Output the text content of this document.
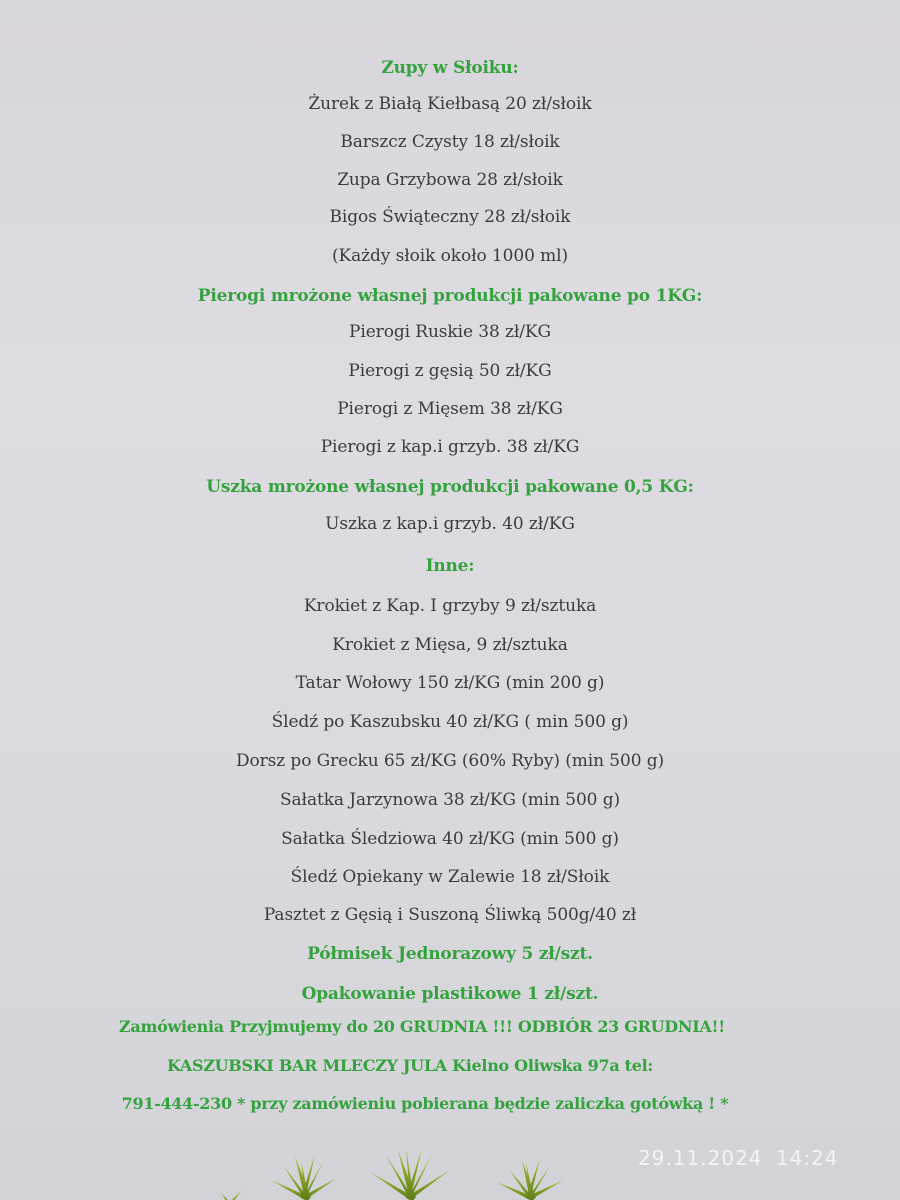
Zupy w Słoiku:
Żurek z Białą Kiełbasą 20 zł/słoik
Barszcz Czysty 18 zł/słoik
Zupa Grzybowa 28 zł/słoik
Bigos Świąteczny 28 zł/słoik
(Każdy słoik około 1000 ml)
Pierogi mrożone własnej produkcji pakowane po 1KG:
Pierogi Ruskie 38 zł/KG
Pierogi z gęsią 50 zł/KG
Pierogi z Mięsem 38 zł/KG
Pierogi z kap.i grzyb. 38 zł/KG
Uszka mrożone własnej produkcji pakowane 0,5 KG:
Uszka z kap.i grzyb. 40 zł/KG
Inne:
Krokiet z Kap. I grzyby 9 zł/sztuka
Krokiet z Mięsa, 9 zł/sztuka
Tatar Wołowy 150 zł/KG (min 200 g)
Śledź po Kaszubsku 40 zł/KG ( min 500 g)
Dorsz po Grecku 65 zł/KG (60% Ryby) (min 500 g)
Sałatka Jarzynowa 38 zł/KG (min 500 g)
Sałatka Śledziowa 40 zł/KG (min 500 g)
Śledź Opiekany w Zalewie 18 zł/Słoik
Pasztet z Gęsią i Suszoną Śliwką 500g/40 zł
Półmisek Jednorazowy 5 zł/szt.
Opakowanie plastikowe 1 zł/szt.
Zamówienia Przyjmujemy do 20 GRUDNIA !!! ODBIÓR 23 GRUDNIA!!
KASZUBSKI BAR MLECZY JULA Kielno Oliwska 97a tel:
791-444-230 * przy zamówieniu pobierana będzie zaliczka gotówką ! *
29.11.2024 14:24
